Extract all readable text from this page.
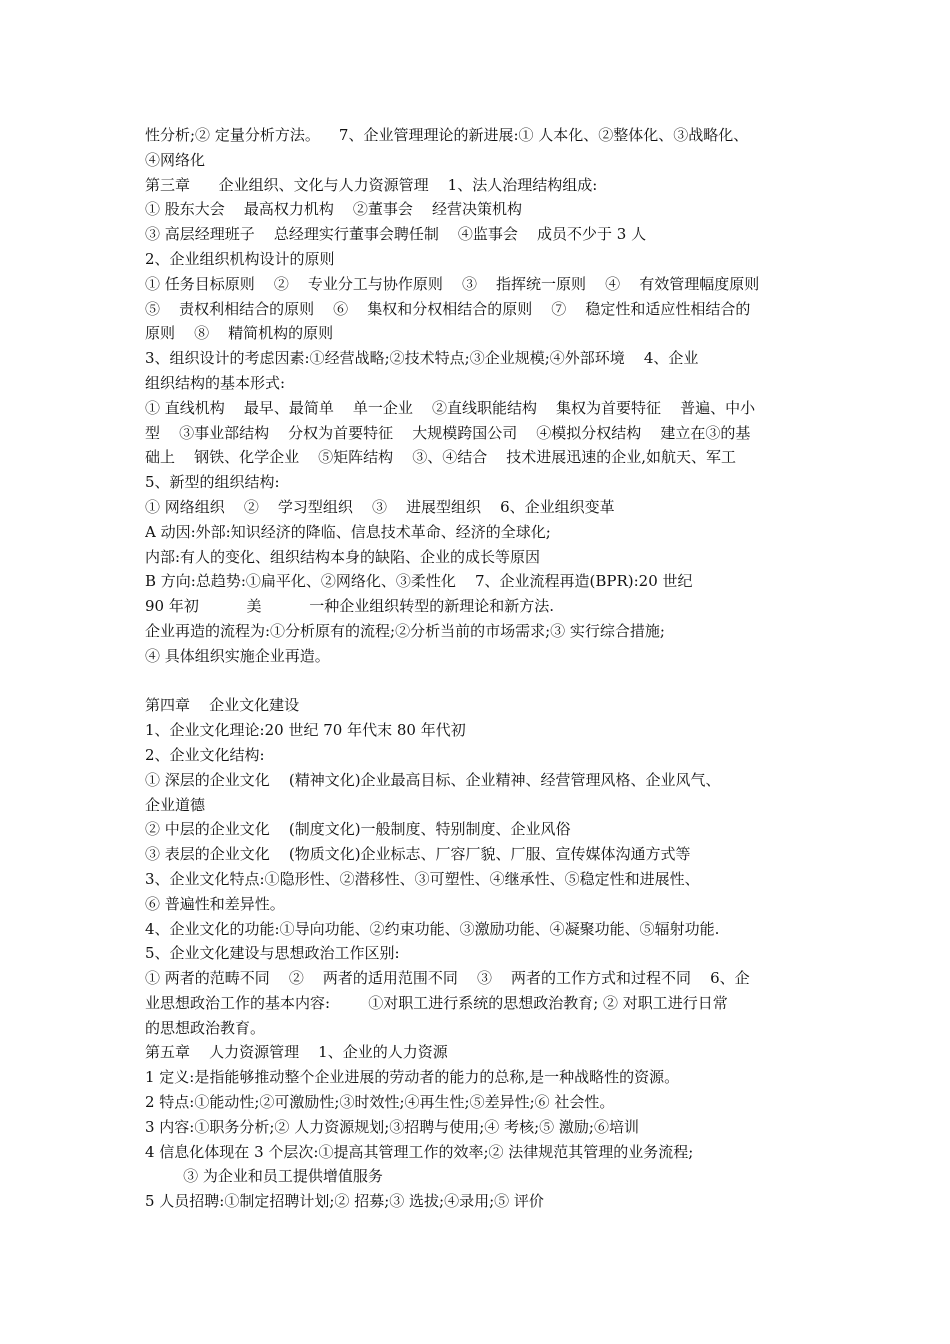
性分析;② 定量分析方法。    7、企业管理理论的新进展:① 人本化、②整体化、③战略化、
④网络化
第三章      企业组织、文化与人力资源管理    1、法人治理结构组成:
① 股东大会    最高权力机构    ②董事会    经营决策机构
③ 高层经理班子    总经理实行董事会聘任制    ④监事会    成员不少于 3 人
2、企业组织机构设计的原则
① 任务目标原则    ②    专业分工与协作原则    ③    指挥统一原则    ④    有效管理幅度原则
⑤    责权利相结合的原则    ⑥    集权和分权相结合的原则    ⑦    稳定性和适应性相结合的
原则    ⑧    精简机构的原则
3、组织设计的考虑因素:①经营战略;②技术特点;③企业规模;④外部环境    4、企业
组织结构的基本形式:
① 直线机构    最早、最简单    单一企业    ②直线职能结构    集权为首要特征    普遍、中小
型    ③事业部结构    分权为首要特征    大规模跨国公司    ④模拟分权结构    建立在③的基
础上    钢铁、化学企业    ⑤矩阵结构    ③、④结合    技术进展迅速的企业,如航天、军工
5、新型的组织结构:
① 网络组织    ②    学习型组织    ③    进展型组织    6、企业组织变革
A 动因:外部:知识经济的降临、信息技术革命、经济的全球化;
内部:有人的变化、组织结构本身的缺陷、企业的成长等原因
B 方向:总趋势:①扁平化、②网络化、③柔性化    7、企业流程再造(BPR):20 世纪
90 年初          美          一种企业组织转型的新理论和新方法.
企业再造的流程为:①分析原有的流程;②分析当前的市场需求;③ 实行综合措施;
④ 具体组织实施企业再造。
第四章    企业文化建设
1、企业文化理论:20 世纪 70 年代末 80 年代初
2、企业文化结构:
① 深层的企业文化    (精神文化)企业最高目标、企业精神、经营管理风格、企业风气、
企业道德
② 中层的企业文化    (制度文化)一般制度、特别制度、企业风俗
③ 表层的企业文化    (物质文化)企业标志、厂容厂貌、厂服、宣传媒体沟通方式等
3、企业文化特点:①隐形性、②潜移性、③可塑性、④继承性、⑤稳定性和进展性、
⑥ 普遍性和差异性。
4、企业文化的功能:①导向功能、②约束功能、③激励功能、④凝聚功能、⑤辐射功能.
5、企业文化建设与思想政治工作区别:
① 两者的范畴不同    ②    两者的适用范围不同    ③    两者的工作方式和过程不同    6、企
业思想政治工作的基本内容:        ①对职工进行系统的思想政治教育; ② 对职工进行日常
的思想政治教育。
第五章    人力资源管理    1、企业的人力资源
1 定义:是指能够推动整个企业进展的劳动者的能力的总称,是一种战略性的资源。
2 特点:①能动性;②可激励性;③时效性;④再生性;⑤差异性;⑥ 社会性。
3 内容:①职务分析;② 人力资源规划;③招聘与使用;④ 考核;⑤ 激励;⑥培训
4 信息化体现在 3 个层次:①提高其管理工作的效率;② 法律规范其管理的业务流程;
③ 为企业和员工提供增值服务
5 人员招聘:①制定招聘计划;② 招募;③ 选拔;④录用;⑤ 评价
